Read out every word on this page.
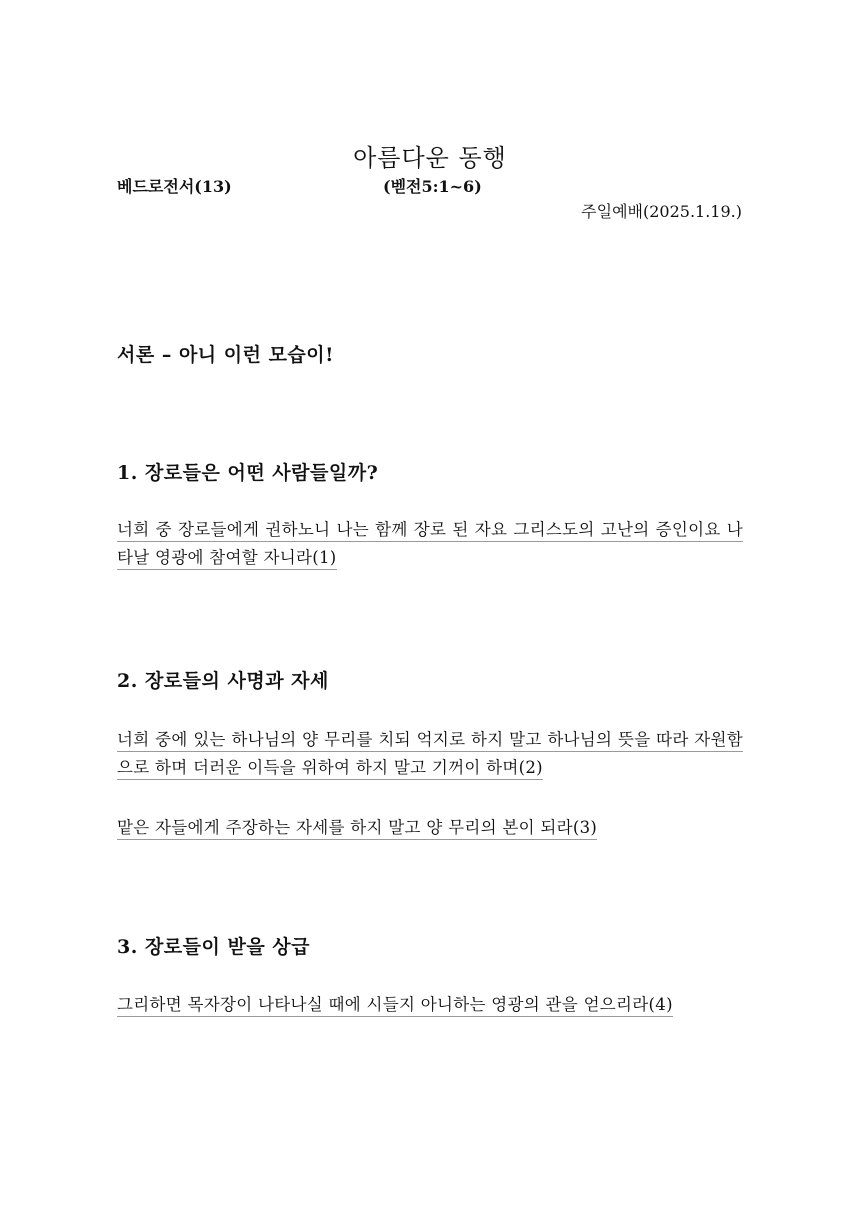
아름다운 동행
베드로전서(13)	(벧전5:1~6)
주일예배(2025.1.19.)
서론 – 아니 이런 모습이!
1. 장로들은 어떤 사람들일까?
너희 중 장로들에게 권하노니 나는 함께 장로 된 자요 그리스도의 고난의 증인이요 나타날 영광에 참여할 자니라(1)
2. 장로들의 사명과 자세
너희 중에 있는 하나님의 양 무리를 치되 억지로 하지 말고 하나님의 뜻을 따라 자원함으로 하며 더러운 이득을 위하여 하지 말고 기꺼이 하며(2)
맡은 자들에게 주장하는 자세를 하지 말고 양 무리의 본이 되라(3)
3. 장로들이 받을 상급
그리하면 목자장이 나타나실 때에 시들지 아니하는 영광의 관을 얻으리라(4)
